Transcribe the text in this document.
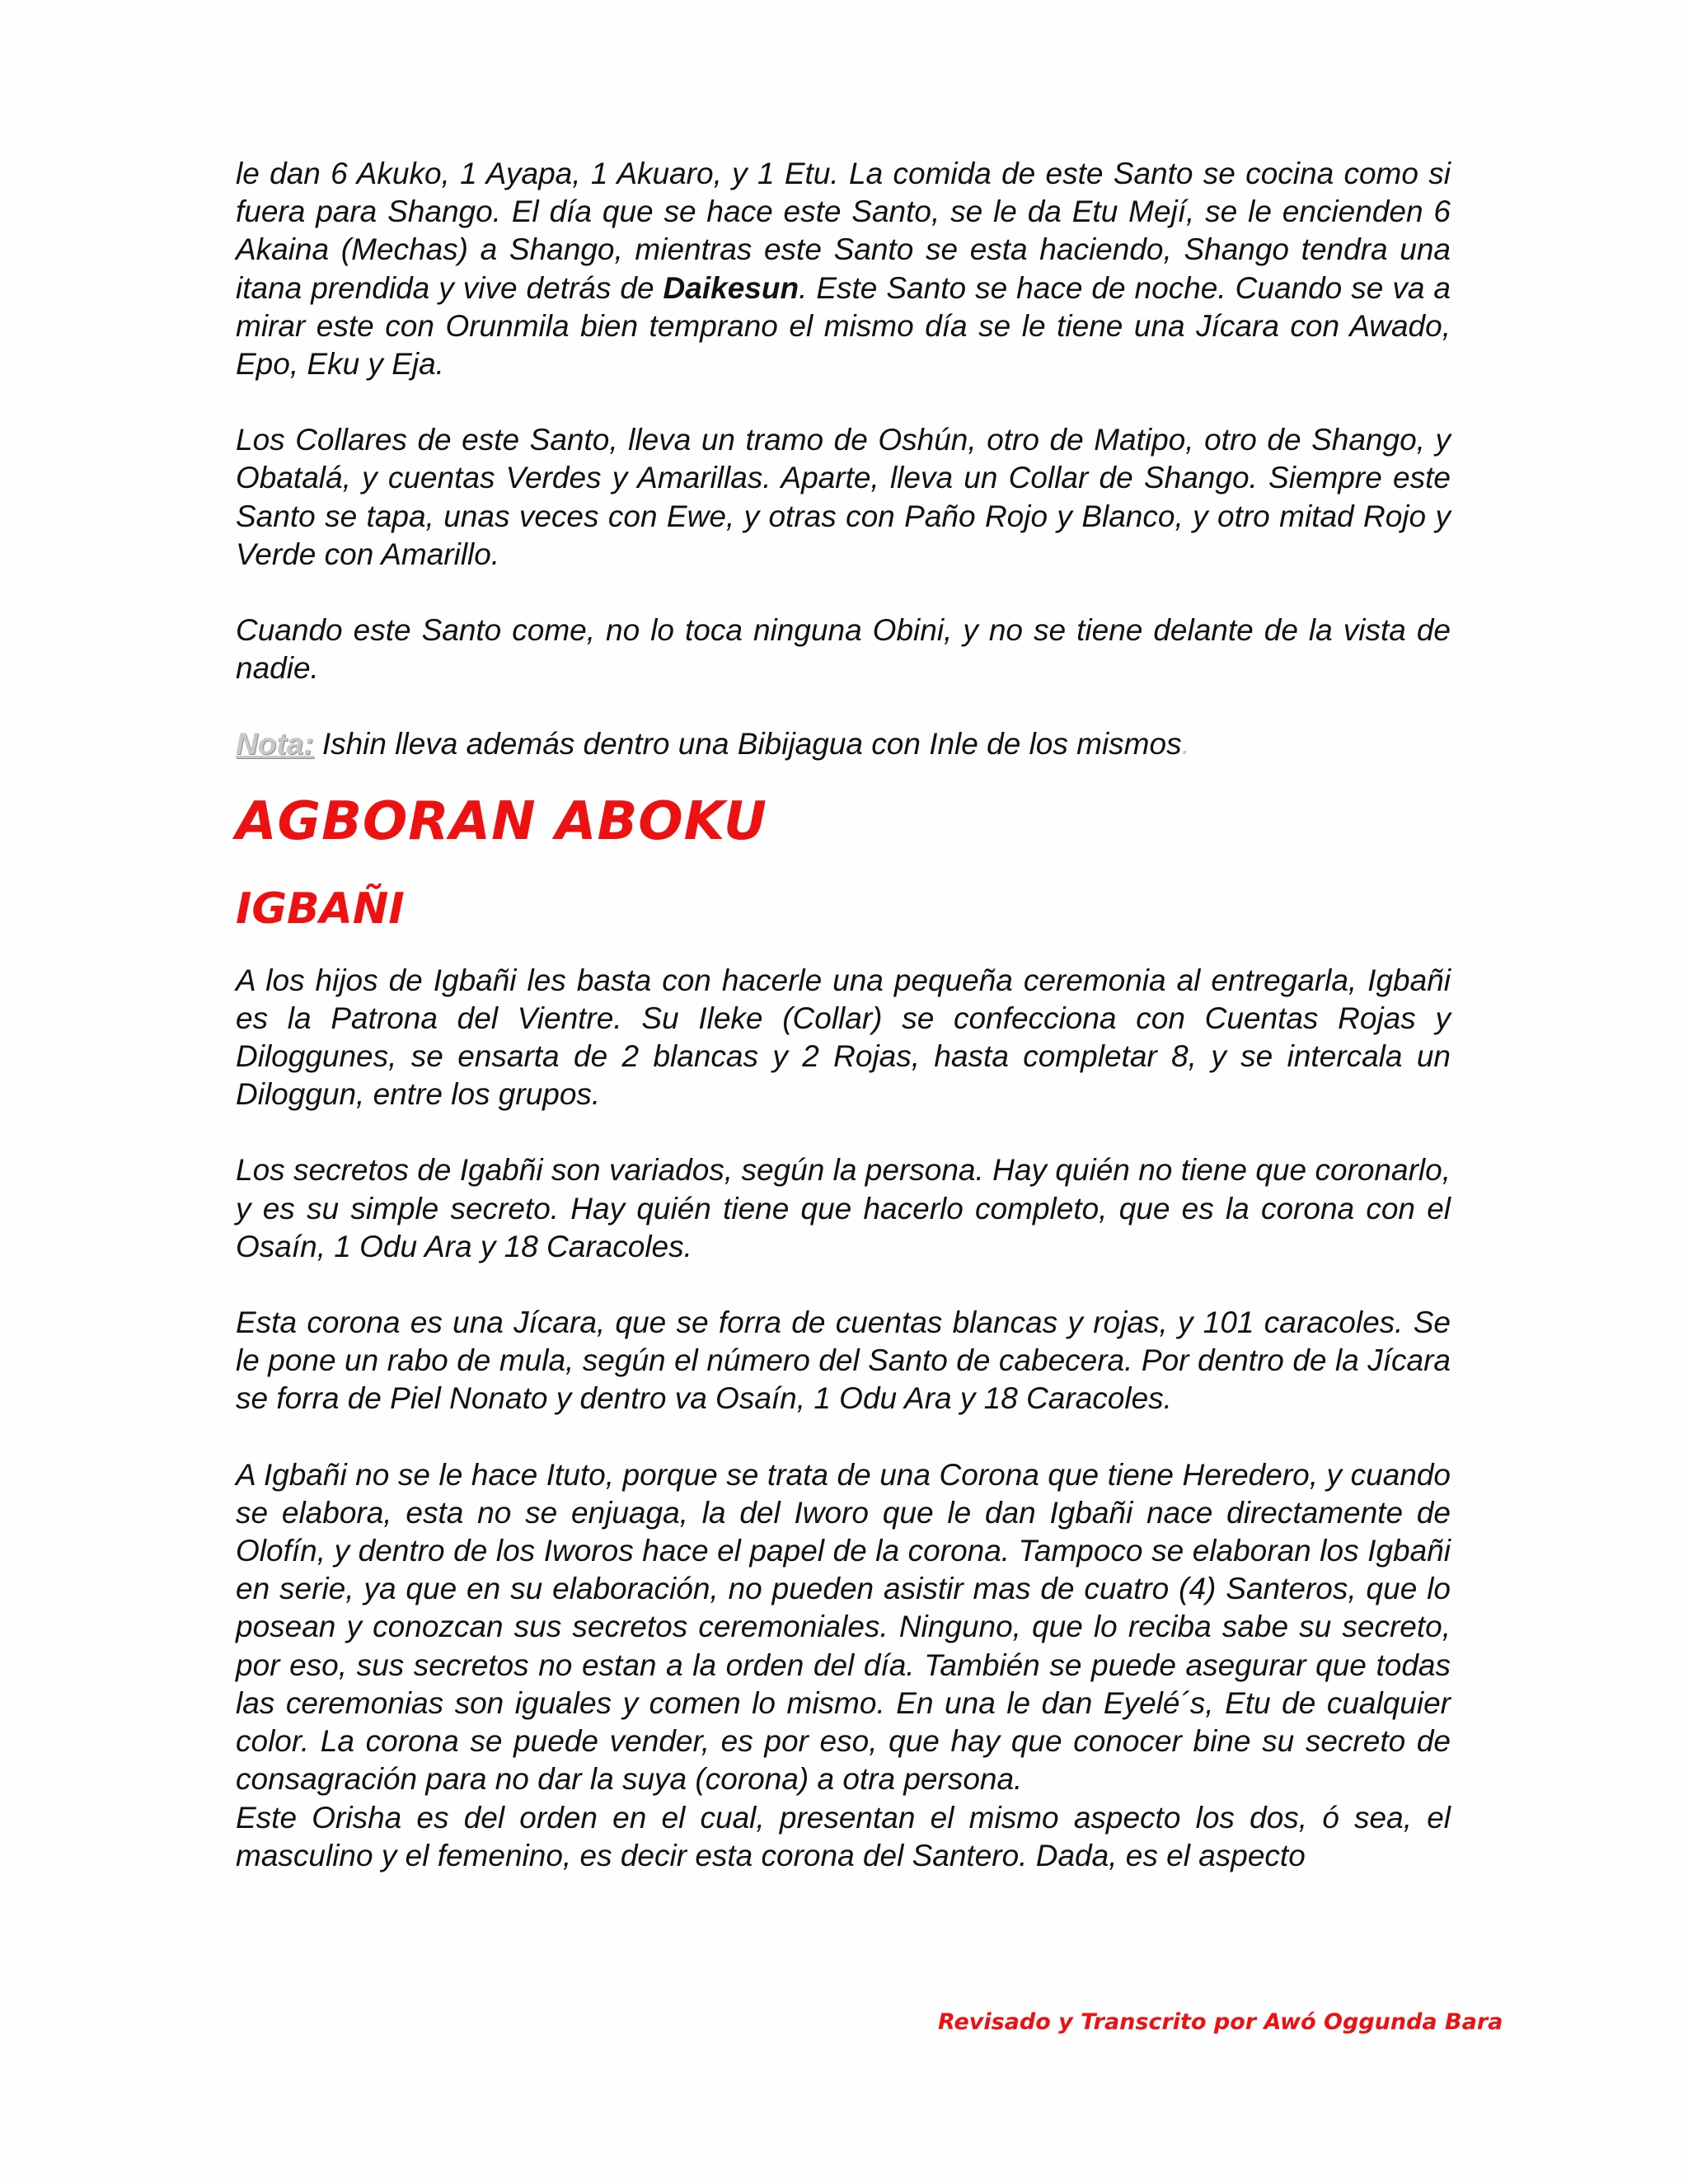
le dan 6 Akuko, 1 Ayapa, 1 Akuaro, y 1 Etu. La comida de este Santo se cocina como si fuera para Shango. El día que se hace este Santo, se le da Etu Mejí, se le encienden 6 Akaina (Mechas) a Shango, mientras este Santo se esta haciendo, Shango tendra una itana prendida y vive detrás de Daikesun. Este Santo se hace de noche. Cuando se va a mirar este con Orunmila bien temprano el mismo día se le tiene una Jícara con Awado, Epo, Eku y Eja.

Los Collares de este Santo, lleva un tramo de Oshún, otro de Matipo, otro de Shango, y Obatalá, y cuentas Verdes y Amarillas. Aparte, lleva un Collar de Shango. Siempre este Santo se tapa, unas veces con Ewe, y otras con Paño Rojo y Blanco, y otro mitad Rojo y Verde con Amarillo.

Cuando este Santo come, no lo toca ninguna Obini, y no se tiene delante de la vista de nadie.

Nota: Ishin lleva además dentro una Bibijagua con Inle de los mismos.

AGBORAN ABOKU
IGBAÑI

A los hijos de Igbañi les basta con hacerle una pequeña ceremonia al entregarla, Igbañi es la Patrona del Vientre. Su Ileke (Collar) se confecciona con Cuentas Rojas y Diloggunes, se ensarta de 2 blancas y 2 Rojas, hasta completar 8, y se intercala un Diloggun, entre los grupos.

Los secretos de Igabñi son variados, según la persona. Hay quién no tiene que coronarlo, y es su simple secreto. Hay quién tiene que hacerlo completo, que es la corona con el Osaín, 1 Odu Ara y 18 Caracoles.

Esta corona es una Jícara, que se forra de cuentas blancas y rojas, y 101 caracoles. Se le pone un rabo de mula, según el número del Santo de cabecera. Por dentro de la Jícara se forra de Piel Nonato y dentro va Osaín, 1 Odu Ara y 18 Caracoles.

A Igbañi no se le hace Ituto, porque se trata de una Corona que tiene Heredero, y cuando se elabora, esta no se enjuaga, la del Iworo que le dan Igbañi nace directamente de Olofín, y dentro de los Iworos hace el papel de la corona. Tampoco se elaboran los Igbañi en serie, ya que en su elaboración, no pueden asistir mas de cuatro (4) Santeros, que lo posean y conozcan sus secretos ceremoniales. Ninguno, que lo reciba sabe su secreto, por eso, sus secretos no estan a la orden del día. También se puede asegurar que todas las ceremonias son iguales y comen lo mismo. En una le dan Eyelé´s, Etu de cualquier color. La corona se puede vender, es por eso, que hay que conocer bine su secreto de consagración para no dar la suya (corona) a otra persona.

Este Orisha es del orden en el cual, presentan el mismo aspecto los dos, ó sea, el masculino y el femenino, es decir esta corona del Santero. Dada, es el aspecto

Revisado y Transcrito por Awó Oggunda Bara
